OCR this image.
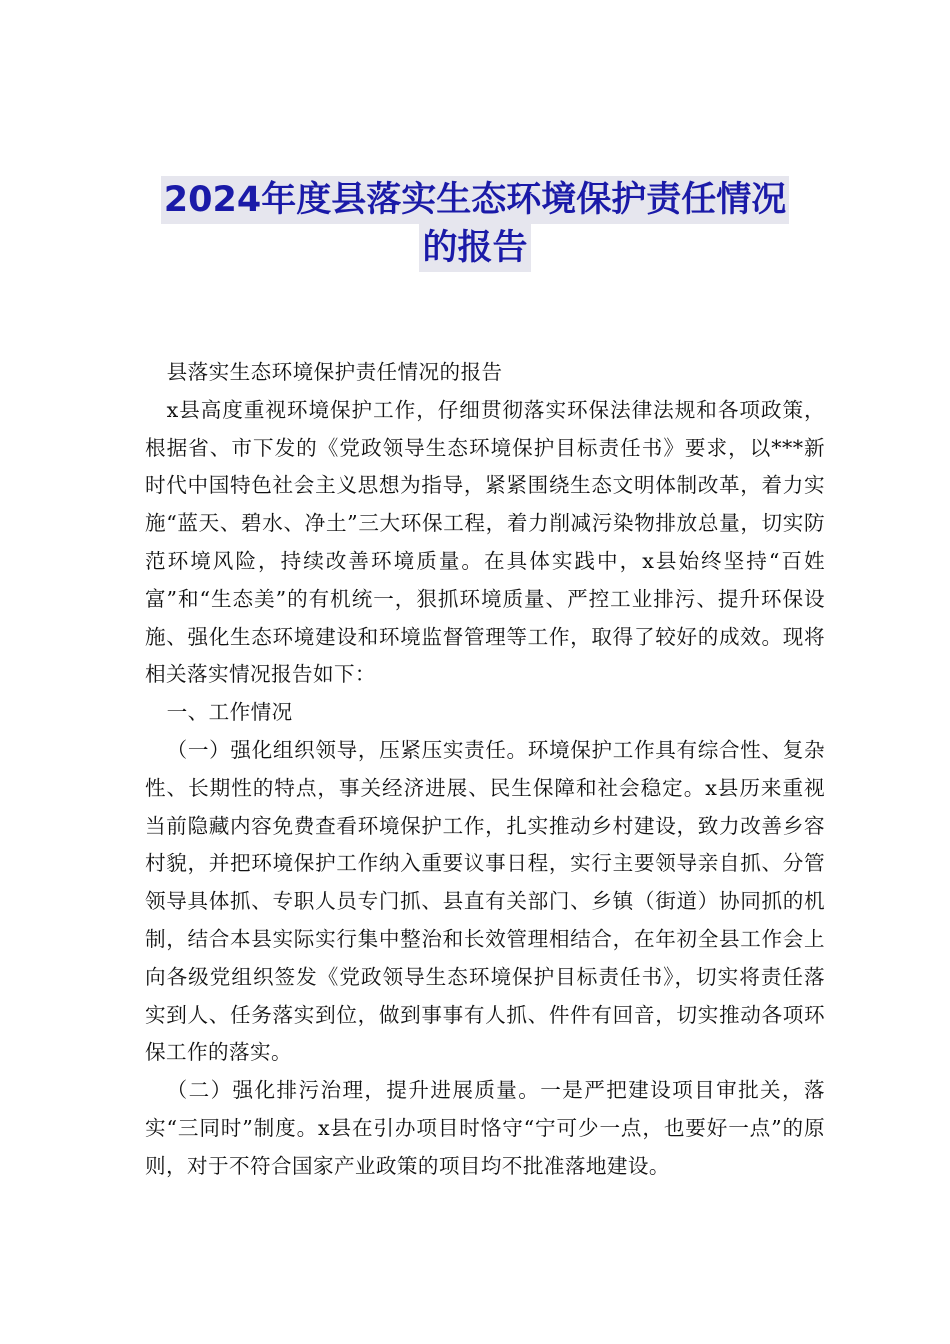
2024年度县落实生态环境保护责任情况
的报告

县落实生态环境保护责任情况的报告

x县高度重视环境保护工作，仔细贯彻落实环保法律法规和各项政策，根据省、市下发的《党政领导生态环境保护目标责任书》要求，以***新时代中国特色社会主义思想为指导，紧紧围绕生态文明体制改革，着力实施“蓝天、碧水、净土”三大环保工程，着力削减污染物排放总量，切实防范环境风险，持续改善环境质量。在具体实践中，x县始终坚持“百姓富”和“生态美”的有机统一，狠抓环境质量、严控工业排污、提升环保设施、强化生态环境建设和环境监督管理等工作，取得了较好的成效。现将相关落实情况报告如下：

一、工作情况

（一）强化组织领导，压紧压实责任。环境保护工作具有综合性、复杂性、长期性的特点，事关经济进展、民生保障和社会稳定。x县历来重视当前隐藏内容免费查看环境保护工作，扎实推动乡村建设，致力改善乡容村貌，并把环境保护工作纳入重要议事日程，实行主要领导亲自抓、分管领导具体抓、专职人员专门抓、县直有关部门、乡镇（街道）协同抓的机制，结合本县实际实行集中整治和长效管理相结合，在年初全县工作会上向各级党组织签发《党政领导生态环境保护目标责任书》，切实将责任落实到人、任务落实到位，做到事事有人抓、件件有回音，切实推动各项环保工作的落实。

（二）强化排污治理，提升进展质量。一是严把建设项目审批关，落实“三同时”制度。x县在引办项目时恪守“宁可少一点，也要好一点”的原则，对于不符合国家产业政策的项目均不批准落地建设。
